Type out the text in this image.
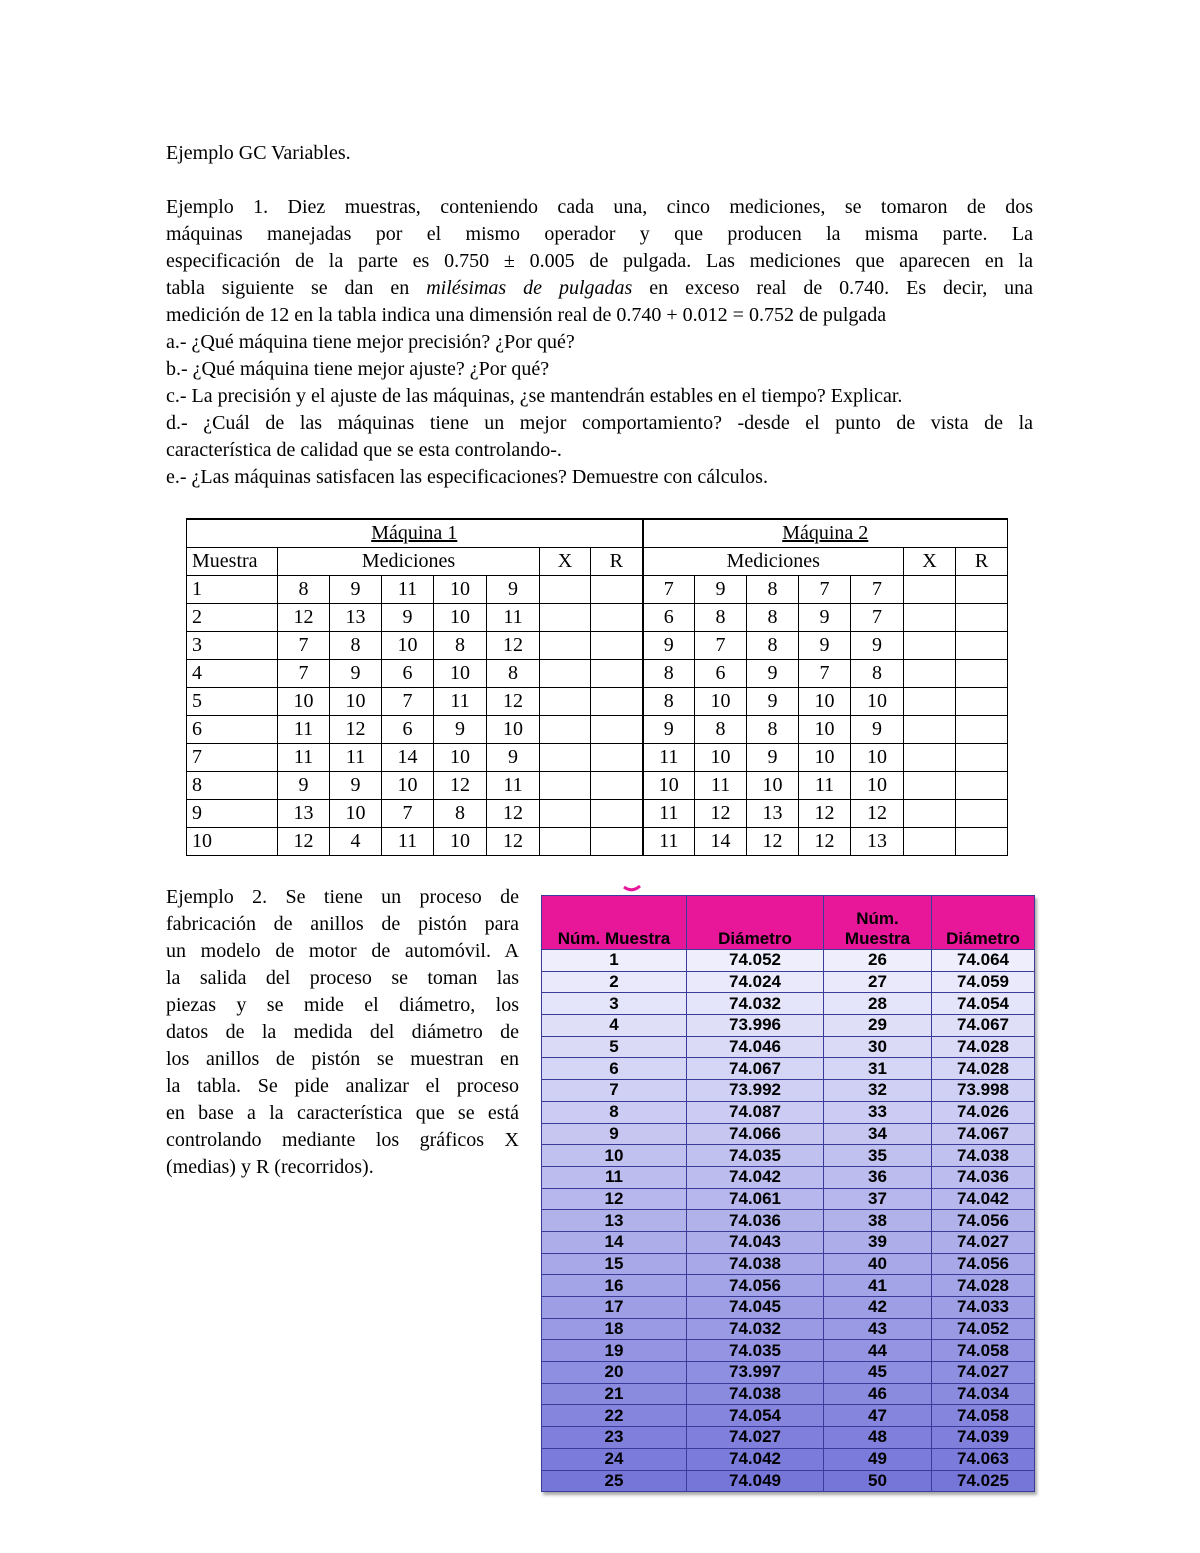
Ejemplo GC Variables.
Ejemplo 1. Diez muestras, conteniendo cada una, cinco mediciones, se tomaron de dos
máquinas manejadas por el mismo operador y que producen la misma parte. La
especificación de la parte es 0.750 ± 0.005 de pulgada. Las mediciones que aparecen en la
tabla siguiente se dan en milésimas de pulgadas en exceso real de 0.740. Es decir, una
medición de 12 en la tabla indica una dimensión real de 0.740 + 0.012 = 0.752 de pulgada
a.- ¿Qué máquina tiene mejor precisión? ¿Por qué?
b.- ¿Qué máquina tiene mejor ajuste? ¿Por qué?
c.- La precisión y el ajuste de las máquinas, ¿se mantendrán estables en el tiempo? Explicar.
d.- ¿Cuál de las máquinas tiene un mejor comportamiento? -desde el punto de vista de la
característica de calidad que se esta controlando-.
e.- ¿Las máquinas satisfacen las especificaciones? Demuestre con cálculos.
Máquina 1								Máquina 2						
Muestra	Mediciones					X	R	Mediciones					X	R
1	8	9	11	10	9			7	9	8	7	7		
2	12	13	9	10	11			6	8	8	9	7		
3	7	8	10	8	12			9	7	8	9	9		
4	7	9	6	10	8			8	6	9	7	8		
5	10	10	7	11	12			8	10	9	10	10		
6	11	12	6	9	10			9	8	8	10	9		
7	11	11	14	10	9			11	10	9	10	10		
8	9	9	10	12	11			10	11	10	11	10		
9	13	10	7	8	12			11	12	13	12	12		
10	12	4	11	10	12			11	14	12	12	13		
Ejemplo 2. Se tiene un proceso de
fabricación de anillos de pistón para
un modelo de motor de automóvil. A
la salida del proceso se toman las
piezas y se mide el diámetro, los
datos de la medida del diámetro de
los anillos de pistón se muestran en
la tabla. Se pide analizar el proceso
en base a la característica que se está
controlando mediante los gráficos X
(medias) y R (recorridos).
Núm. Muestra	Diámetro	Núm. Muestra	Diámetro
1	74.052	26	74.064
2	74.024	27	74.059
3	74.032	28	74.054
4	73.996	29	74.067
5	74.046	30	74.028
6	74.067	31	74.028
7	73.992	32	73.998
8	74.087	33	74.026
9	74.066	34	74.067
10	74.035	35	74.038
11	74.042	36	74.036
12	74.061	37	74.042
13	74.036	38	74.056
14	74.043	39	74.027
15	74.038	40	74.056
16	74.056	41	74.028
17	74.045	42	74.033
18	74.032	43	74.052
19	74.035	44	74.058
20	73.997	45	74.027
21	74.038	46	74.034
22	74.054	47	74.058
23	74.027	48	74.039
24	74.042	49	74.063
25	74.049	50	74.025
